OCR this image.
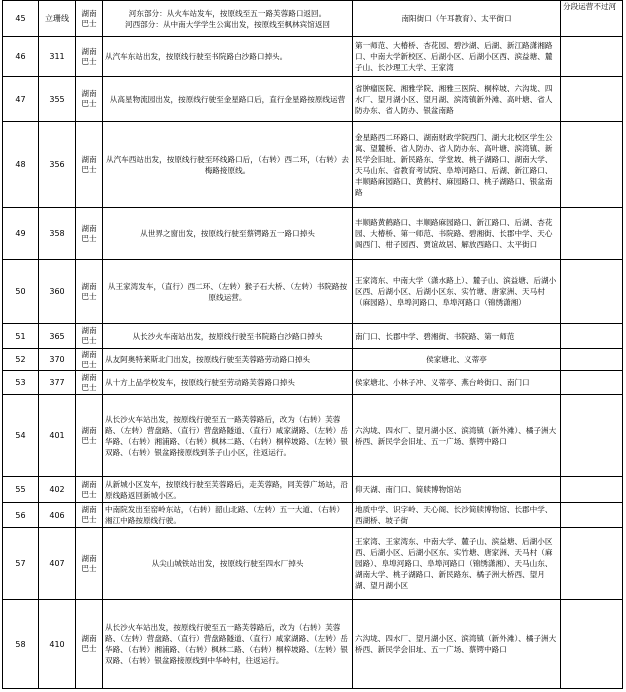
45	立珊线	湖南巴士	河东部分：从火车站发车，按原线至五一路芙蓉路口返回。
河西部分：从中南大学学生公寓出发，按原线至枫林宾馆返回	南阳街口（午耳教育）、太平街口	分段运营不过河
46	311	湖南巴士	从汽车东站出发，按原线行驶至书院路白沙路口掉头。	第一师范、大椿桥、杏花园、碧沙湖、后湖、新江路潇湘路口、中南大学新校区、后湖小区、后湖小区西、滨益塘、麓子山、长沙理工大学、王家湾	
47	355	湖南巴士	从高星物流园出发，按原线行驶至金星路口后，直行金星路按原线运营	省肿瘤医院、湘雅学院、湘雅三医院、桐梓坡、六沟垅、四水厂、望月湖小区、望月湖、滨湾镇新外滩、高叶塘、省人防办东、省人防办、银盆南路	
48	356	湖南巴士	从汽车西站出发，按原线行驶至环线路口后，（右转）西二环，（右转）去梅路接原线。	金星路西二环路口、湖南财政学院西门、湖大北校区学生公寓、望麓桥、省人防办、省人防办东、高叶塘、滨湾镇、新民学会旧址、新民路东、学堂坡、桃子湖路口、湖南大学、天马山东、省教育考试院、阜埠河路口、后湖、新江路口、丰顺路麻园路口、黄鹤村、麻园路口、桃子湖路口、银盆南路	
49	358	湖南巴士	从世界之窗出发，按原线行驶至蔡锷路五一路口掉头	丰顺路黄鹤路口、丰顺路麻园路口、新江路口、后湖、杏花园、大椿桥、第一师范、书院路、碧湘街、长郡中学、天心阁西门、柑子园西、贾谊故居、解放西路口、太平街口	
50	360	湖南巴士	从王家湾发车，（直行）西二环、（左转）猴子石大桥、（左转）书院路按原线运营。	王家湾东、中南大学（潇水路上）、麓子山、滨益塘、后湖小区西、后湖小区、后湖小区东、实竹塘、唐家洲、天马村（麻园路）、阜埠河路口、阜埠河路口（锦绣潇湘）	
51	365	湖南巴士	从长沙火车南站出发，按原线行驶至书院路白沙路口掉头	南门口、长郡中学、碧湘街、书院路、第一师范	
52	370	湖南巴士	从友阿奥特莱斯北门出发，按原线行驶至芙蓉路劳动路口掉头	侯家塘北、义蒂亭	
53	377	湖南巴士	从十方上品学校发车，按原线行驶至劳动路芙蓉路口掉头	侯家塘北、小林子冲、义蒂亭、燕台岭街口、南门口	
54	401	湖南巴士	从长沙火车站出发，按原线行驶至五一路芙蓉路后，改为（右转）芙蓉路、（左转）营盘路、（直行）营盘路隧道、（直行）咸家湖路、（左转）岳华路、（右转）湘浦路、（右转）枫林二路、（右转）桐梓坡路、（左转）银双路、（右转）银盆路接原线到茶子山小区，往返运行。	六沟垅、四水厂、望月湖小区、滨湾镇（新外滩）、橘子洲大桥西、新民学会旧址、五一广场、蔡锷中路口	
55	402	湖南巴士	从新城小区发车，按原线行驶至芙蓉路后，走芙蓉路，同芙蓉广场站，沿原线路返回新城小区。	仰天湖、南门口、简牍博物馆站	
56	406	湖南巴士	中南院发出至窑岭东站，（右转）韶山北路、（左转）五一大道、（右转）湘江中路按原线行驶。	地质中学、识字岭、天心阁、长沙简牍博物馆、长郡中学、西湖桥、坡子街	
57	407	湖南巴士	从尖山城铁站出发，按原线行驶至四水厂掉头	王家湾、王家湾东、中南大学、麓子山、滨益塘、后湖小区西、后湖小区、后湖小区东、实竹塘、唐家洲、天马村（麻园路）、阜埠河路口、阜埠河路口（锦绣潇湘）、天马山东、湖南大学、桃子湖路口、新民路东、橘子洲大桥西、望月湖、望月湖小区	
58	410	湖南巴士	从长沙火车站出发，按原线行驶至五一路芙蓉路后，改为（右转）芙蓉路、（左转）营盘路、（直行）营盘路隧道、（直行）咸家湖路、（左转）岳华路、（右转）湘浦路、（右转）枫林二路、（右转）桐梓坡路、（左转）银双路、（右转）银盆路接原线到中华岭村，往返运行。	六沟垅、四水厂、望月湖小区、滨湾镇（新外滩）、橘子洲大桥西、新民学会旧址、五一广场、蔡锷中路口	
